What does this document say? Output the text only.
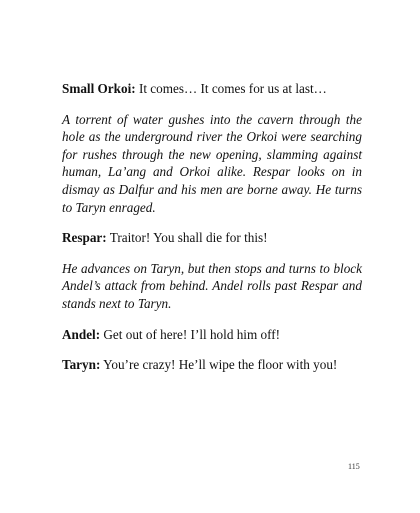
Small Orkoi: It comes… It comes for us at last…

A torrent of water gushes into the cavern through the hole as the underground river the Orkoi were searching for rushes through the new opening, slamming against human, La’ang and Orkoi alike. Respar looks on in dismay as Dalfur and his men are borne away. He turns to Taryn enraged.

Respar: Traitor! You shall die for this!

He advances on Taryn, but then stops and turns to block Andel’s attack from behind. Andel rolls past Respar and stands next to Taryn.

Andel: Get out of here! I’ll hold him off!

Taryn: You’re crazy! He’ll wipe the floor with you!

115
